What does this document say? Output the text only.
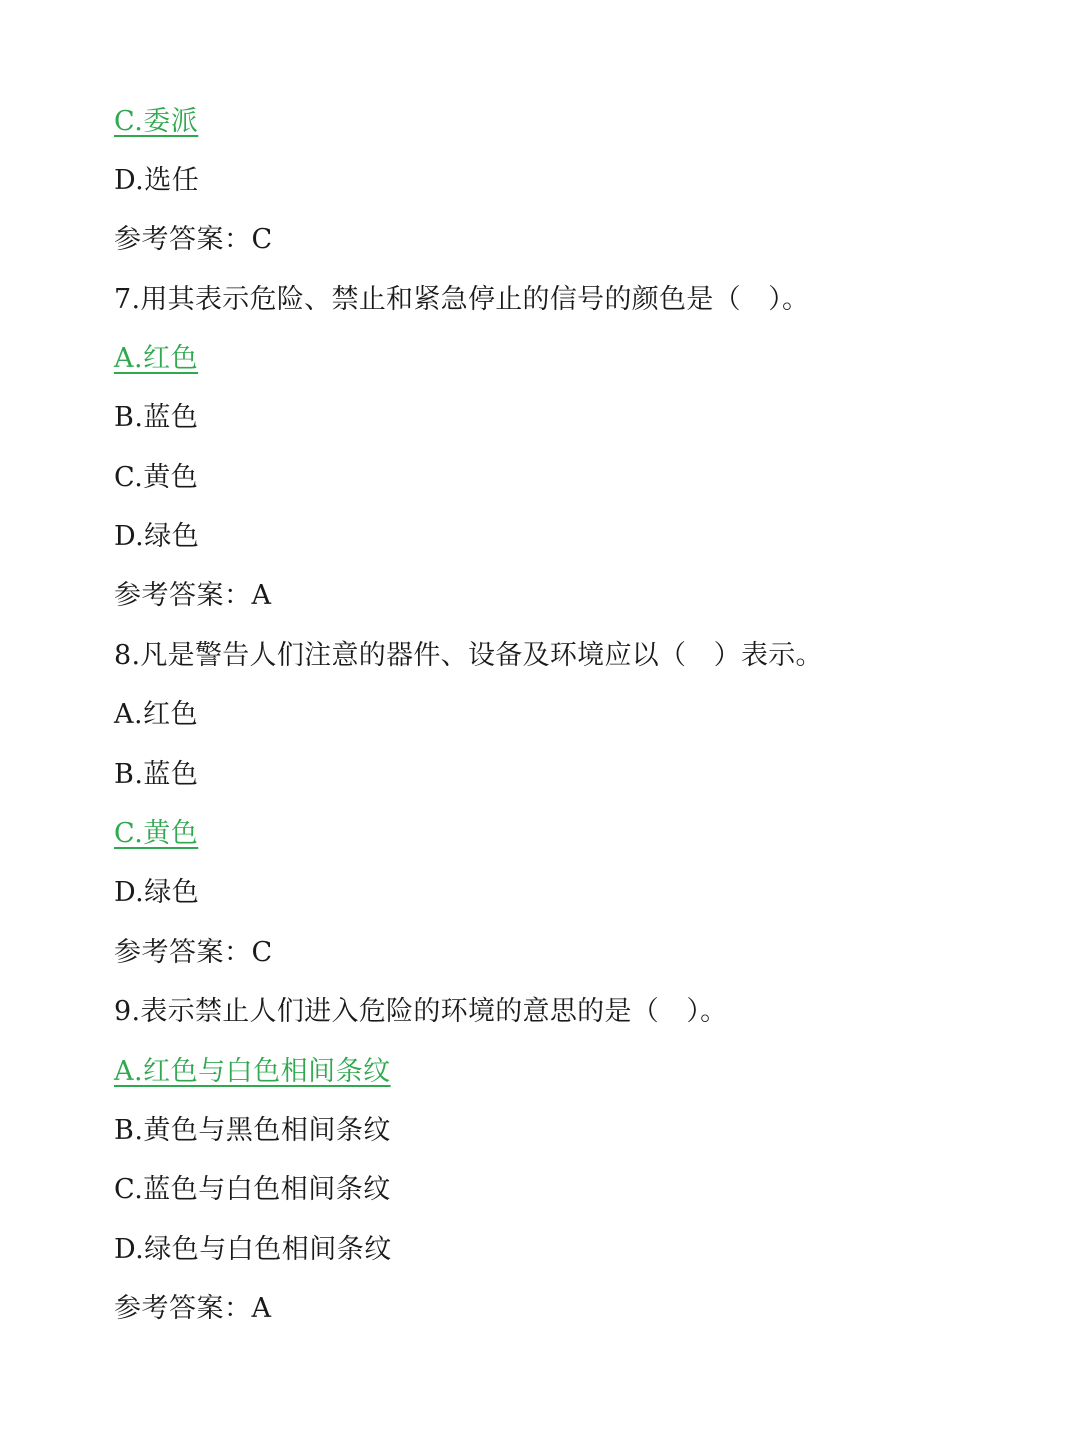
C.委派
D.选任
参考答案：C
7.用其表示危险、禁止和紧急停止的信号的颜色是（　）。
A.红色
B.蓝色
C.黄色
D.绿色
参考答案：A
8.凡是警告人们注意的器件、设备及环境应以（　）表示。
A.红色
B.蓝色
C.黄色
D.绿色
参考答案：C
9.表示禁止人们进入危险的环境的意思的是（　）。
A.红色与白色相间条纹
B.黄色与黑色相间条纹
C.蓝色与白色相间条纹
D.绿色与白色相间条纹
参考答案：A
